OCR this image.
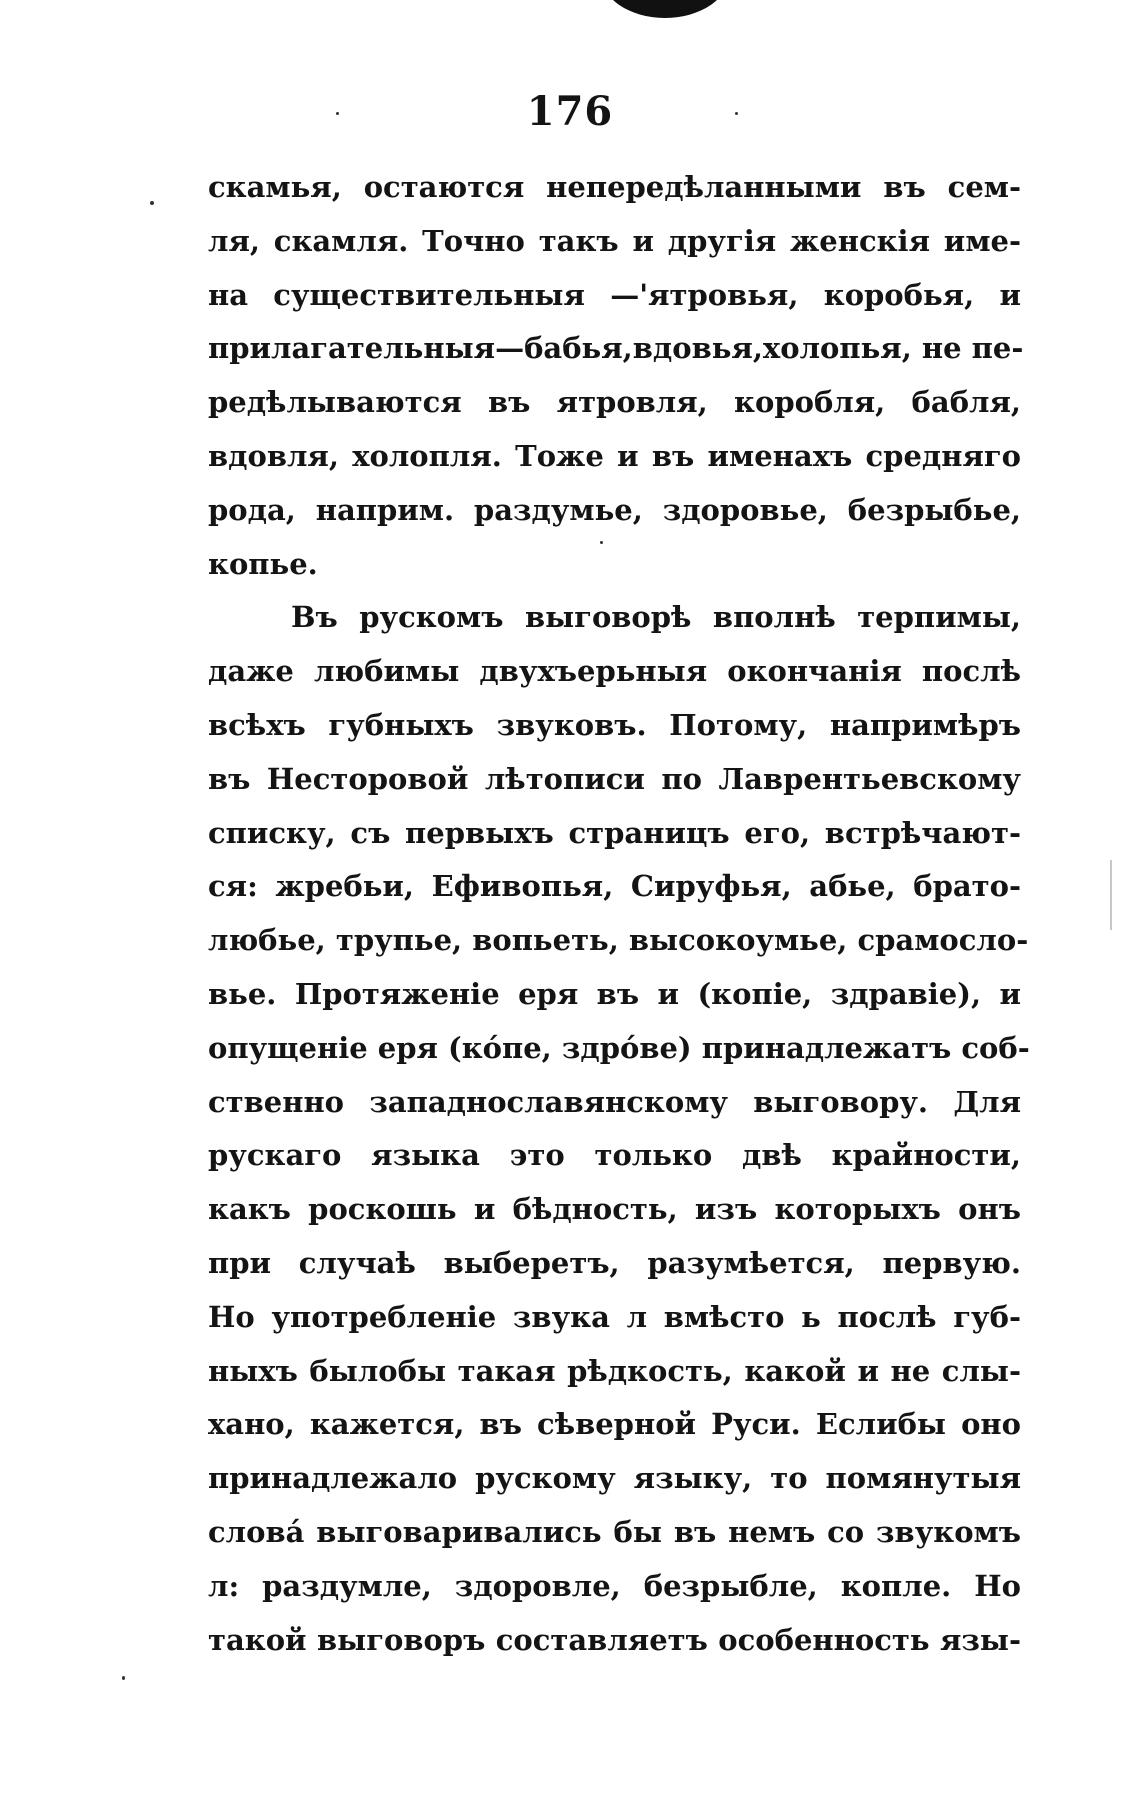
176
скамья, остаются непередѣланными въ сем-
ля, скамля. Точно такъ и другія женскія име-
на существительныя —'ятровья, коробья, и
прилагательныя—бабья,вдовья,холопья, не пе-
редѣлываются въ ятровля, коробля, бабля,
вдовля, холопля. Тоже и въ именахъ средняго
рода, наприм. раздумье, здоровье, безрыбье,
копье.
Въ рускомъ выговорѣ вполнѣ терпимы,
даже любимы двухъерьныя окончанія послѣ
всѣхъ губныхъ звуковъ. Потому, напримѣръ
въ Несторовой лѣтописи по Лаврентьевскому
списку, съ первыхъ страницъ его, встрѣчают-
ся: жребьи, Ефивопья, Сируфья, абье, брато-
любье, трупье, вопьеть, высокоумье, срамосло-
вье. Протяженіе еря въ и (копіе, здравіе), и
опущеніе еря (ко́пе, здро́ве) принадлежатъ соб-
ственно западнославянскому выговору. Для
рускаго языка это только двѣ крайности,
какъ роскошь и бѣдность, изъ которыхъ онъ
при случаѣ выберетъ, разумѣется, первую.
Но употребленіе звука л вмѣсто ь послѣ губ-
ныхъ былобы такая рѣдкость, какой и не слы-
хано, кажется, въ сѣверной Руси. Еслибы оно
принадлежало рускому языку, то помянутыя
слова́ выговаривались бы въ немъ со звукомъ
л: раздумле, здоровле, безрыбле, копле. Но
такой выговоръ составляетъ особенность язы-
